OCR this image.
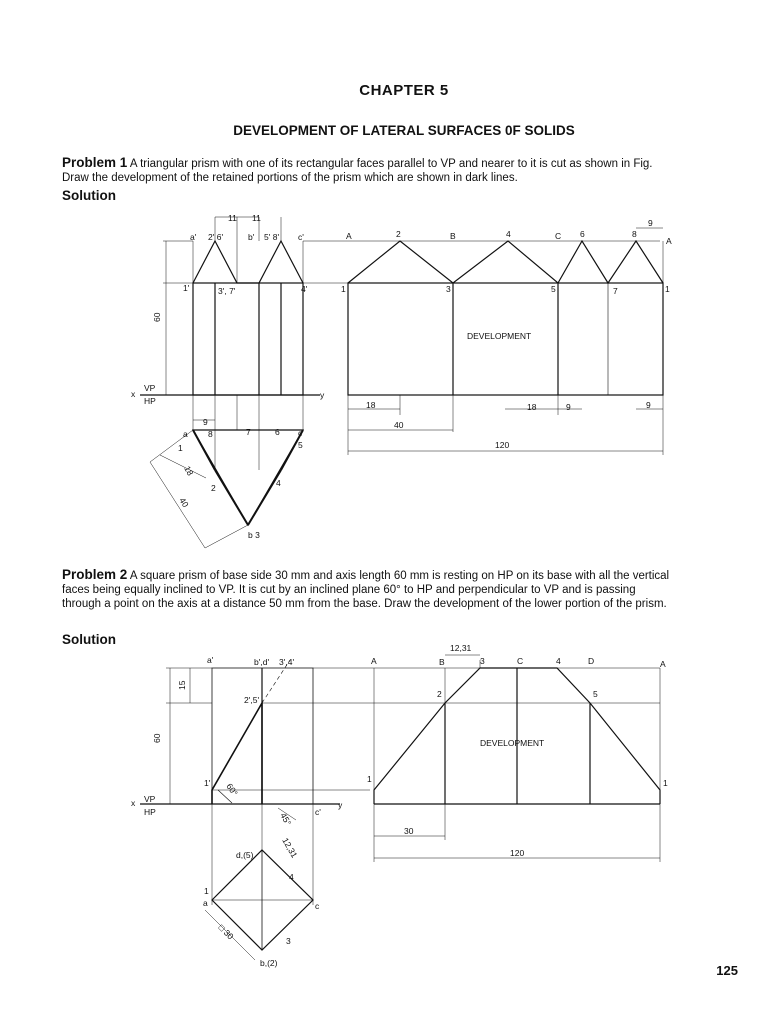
CHAPTER 5
DEVELOPMENT OF LATERAL SURFACES 0F SOLIDS
Problem 1 A triangular prism with one of its rectangular faces parallel to VP and nearer to it is cut as shown in Fig.
Draw the development of the retained portions of the prism which are shown in dark lines.
Solution
11 11
a' 2' 6'	b' 5' 8' c'
1'	3', 7'	4'
60
x
VP
HP
y
9
a 8	7	6 c
1	5
18
2	4
40
b 3
A	2	B	4	C 6	8
A
9
1	3	5	7	1
DEVELOPMENT
18	18	9	9
40
120
Problem 2 A square prism of base side 30 mm and axis length 60 mm is resting on HP on its base with all the vertical
faces being equally inclined to VP. It is cut by an inclined plane 60° to HP and perpendicular to VP and is passing
through a point on the axis at a distance 50 mm from the base. Draw the development of the lower portion of the prism.
Solution
a'	b',d' 3',4'
15
2',5'
60
1' 60°
x VP
HP
y
c'
45°
12,31
d,(5)
4
1
a	c
□ 30	3
b,(2)
A	B
12,31
3	C	4	D	A
2	5
1	1
DEVELOPMENT
30
120
125
